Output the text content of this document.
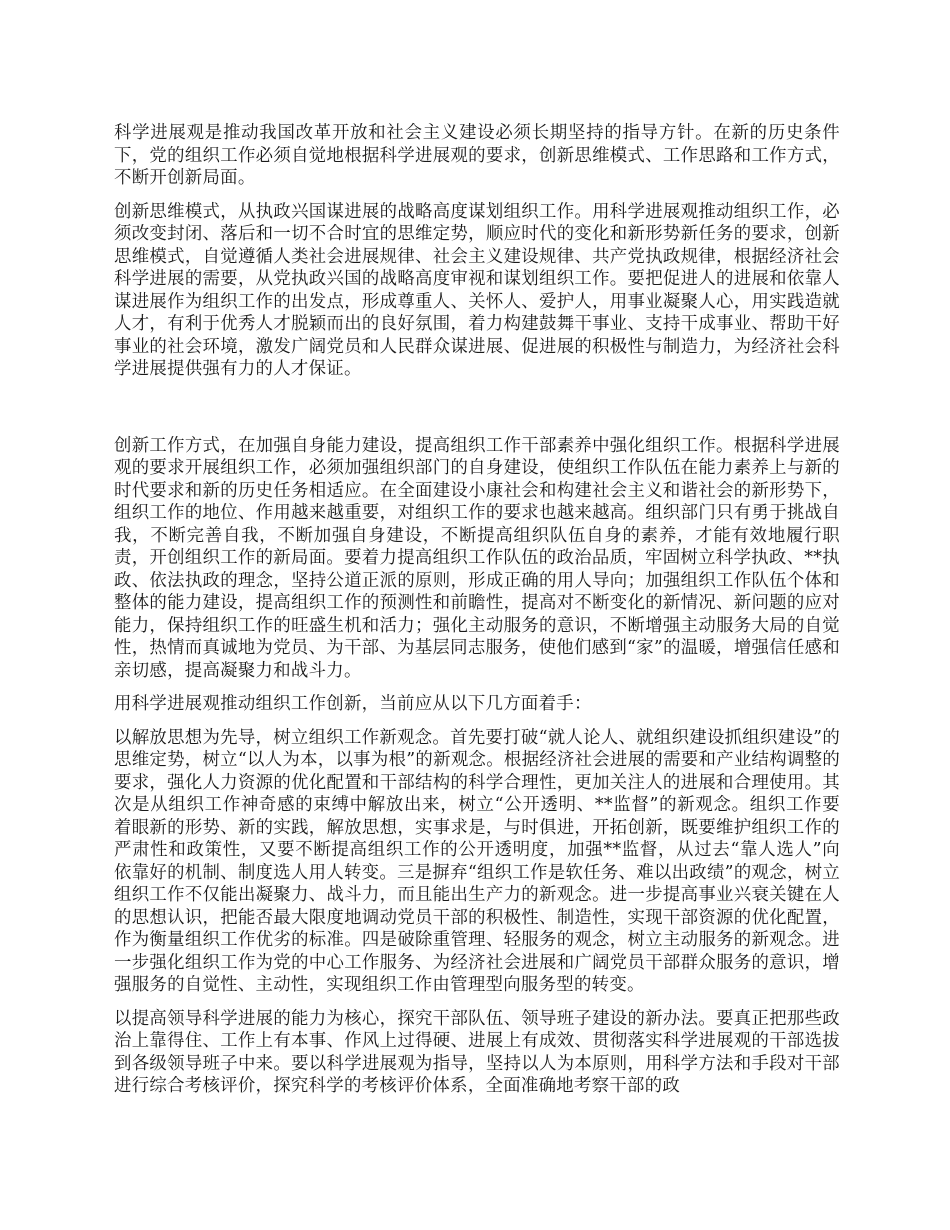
科学进展观是推动我国改革开放和社会主义建设必须长期坚持的指导方针。在新的历史条件下，党的组织工作必须自觉地根据科学进展观的要求，创新思维模式、工作思路和工作方式，不断开创新局面。

创新思维模式，从执政兴国谋进展的战略高度谋划组织工作。用科学进展观推动组织工作，必须改变封闭、落后和一切不合时宜的思维定势，顺应时代的变化和新形势新任务的要求，创新思维模式，自觉遵循人类社会进展规律、社会主义建设规律、共产党执政规律，根据经济社会科学进展的需要，从党执政兴国的战略高度审视和谋划组织工作。要把促进人的进展和依靠人谋进展作为组织工作的出发点，形成尊重人、关怀人、爱护人，用事业凝聚人心，用实践造就人才，有利于优秀人才脱颖而出的良好氛围，着力构建鼓舞干事业、支持干成事业、帮助干好事业的社会环境，激发广阔党员和人民群众谋进展、促进展的积极性与制造力，为经济社会科学进展提供强有力的人才保证。

创新工作方式，在加强自身能力建设，提高组织工作干部素养中强化组织工作。根据科学进展观的要求开展组织工作，必须加强组织部门的自身建设，使组织工作队伍在能力素养上与新的时代要求和新的历史任务相适应。在全面建设小康社会和构建社会主义和谐社会的新形势下，组织工作的地位、作用越来越重要，对组织工作的要求也越来越高。组织部门只有勇于挑战自我，不断完善自我，不断加强自身建设，不断提高组织队伍自身的素养，才能有效地履行职责，开创组织工作的新局面。要着力提高组织工作队伍的政治品质，牢固树立科学执政、**执政、依法执政的理念，坚持公道正派的原则，形成正确的用人导向；加强组织工作队伍个体和整体的能力建设，提高组织工作的预测性和前瞻性，提高对不断变化的新情况、新问题的应对能力，保持组织工作的旺盛生机和活力；强化主动服务的意识，不断增强主动服务大局的自觉性，热情而真诚地为党员、为干部、为基层同志服务，使他们感到“家”的温暖，增强信任感和亲切感，提高凝聚力和战斗力。

用科学进展观推动组织工作创新，当前应从以下几方面着手：

以解放思想为先导，树立组织工作新观念。首先要打破“就人论人、就组织建设抓组织建设”的思维定势，树立“以人为本，以事为根”的新观念。根据经济社会进展的需要和产业结构调整的要求，强化人力资源的优化配置和干部结构的科学合理性，更加关注人的进展和合理使用。其次是从组织工作神奇感的束缚中解放出来，树立“公开透明、**监督”的新观念。组织工作要着眼新的形势、新的实践，解放思想，实事求是，与时俱进，开拓创新，既要维护组织工作的严肃性和政策性，又要不断提高组织工作的公开透明度，加强**监督，从过去“靠人选人”向依靠好的机制、制度选人用人转变。三是摒弃“组织工作是软任务、难以出政绩”的观念，树立组织工作不仅能出凝聚力、战斗力，而且能出生产力的新观念。进一步提高事业兴衰关键在人的思想认识，把能否最大限度地调动党员干部的积极性、制造性，实现干部资源的优化配置，作为衡量组织工作优劣的标准。四是破除重管理、轻服务的观念，树立主动服务的新观念。进一步强化组织工作为党的中心工作服务、为经济社会进展和广阔党员干部群众服务的意识，增强服务的自觉性、主动性，实现组织工作由管理型向服务型的转变。

以提高领导科学进展的能力为核心，探究干部队伍、领导班子建设的新办法。要真正把那些政治上靠得住、工作上有本事、作风上过得硬、进展上有成效、贯彻落实科学进展观的干部选拔到各级领导班子中来。要以科学进展观为指导，坚持以人为本原则，用科学方法和手段对干部进行综合考核评价，探究科学的考核评价体系，全面准确地考察干部的政
